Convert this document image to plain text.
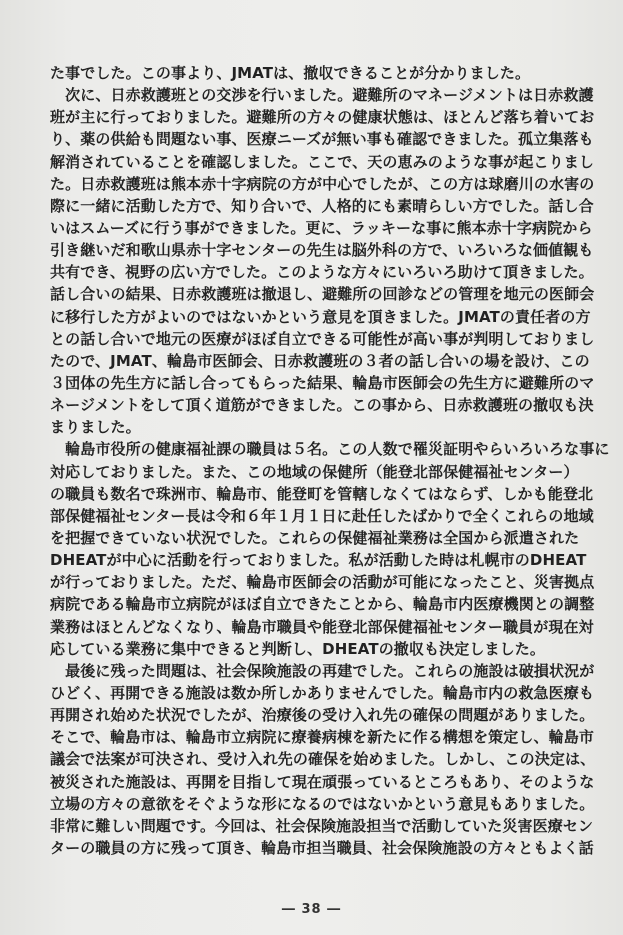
た事でした。この事より、JMATは、撤収できることが分かりました。
　次に、日赤救護班との交渉を行いました。避難所のマネージメントは日赤救護
班が主に行っておりました。避難所の方々の健康状態は、ほとんど落ち着いてお
り、薬の供給も問題ない事、医療ニーズが無い事も確認できました。孤立集落も
解消されていることを確認しました。ここで、天の恵みのような事が起こりまし
た。日赤救護班は熊本赤十字病院の方が中心でしたが、この方は球磨川の水害の
際に一緒に活動した方で、知り合いで、人格的にも素晴らしい方でした。話し合
いはスムーズに行う事ができました。更に、ラッキーな事に熊本赤十字病院から
引き継いだ和歌山県赤十字センターの先生は脳外科の方で、いろいろな価値観も
共有でき、視野の広い方でした。このような方々にいろいろ助けて頂きました。
話し合いの結果、日赤救護班は撤退し、避難所の回診などの管理を地元の医師会
に移行した方がよいのではないかという意見を頂きました。JMATの責任者の方
との話し合いで地元の医療がほぼ自立できる可能性が高い事が判明しておりまし
たので、JMAT、輪島市医師会、日赤救護班の３者の話し合いの場を設け、この
３団体の先生方に話し合ってもらった結果、輪島市医師会の先生方に避難所のマ
ネージメントをして頂く道筋ができました。この事から、日赤救護班の撤収も決
まりました。
　輪島市役所の健康福祉課の職員は５名。この人数で罹災証明やらいろいろな事に
対応しておりました。また、この地域の保健所（能登北部保健福祉センター）
の職員も数名で珠洲市、輪島市、能登町を管轄しなくてはならず、しかも能登北
部保健福祉センター長は令和６年１月１日に赴任したばかりで全くこれらの地域
を把握できていない状況でした。これらの保健福祉業務は全国から派遣された
DHEATが中心に活動を行っておりました。私が活動した時は札幌市のDHEAT
が行っておりました。ただ、輪島市医師会の活動が可能になったこと、災害拠点
病院である輪島市立病院がほぼ自立できたことから、輪島市内医療機関との調整
業務はほとんどなくなり、輪島市職員や能登北部保健福祉センター職員が現在対
応している業務に集中できると判断し、DHEATの撤収も決定しました。
　最後に残った問題は、社会保険施設の再建でした。これらの施設は破損状況が
ひどく、再開できる施設は数か所しかありませんでした。輪島市内の救急医療も
再開され始めた状況でしたが、治療後の受け入れ先の確保の問題がありました。
そこで、輪島市は、輪島市立病院に療養病棟を新たに作る構想を策定し、輪島市
議会で法案が可決され、受け入れ先の確保を始めました。しかし、この決定は、
被災された施設は、再開を目指して現在頑張っているところもあり、そのような
立場の方々の意欲をそぐような形になるのではないかという意見もありました。
非常に難しい問題です。今回は、社会保険施設担当で活動していた災害医療セン
ターの職員の方に残って頂き、輪島市担当職員、社会保険施設の方々ともよく話
― 38 ―
